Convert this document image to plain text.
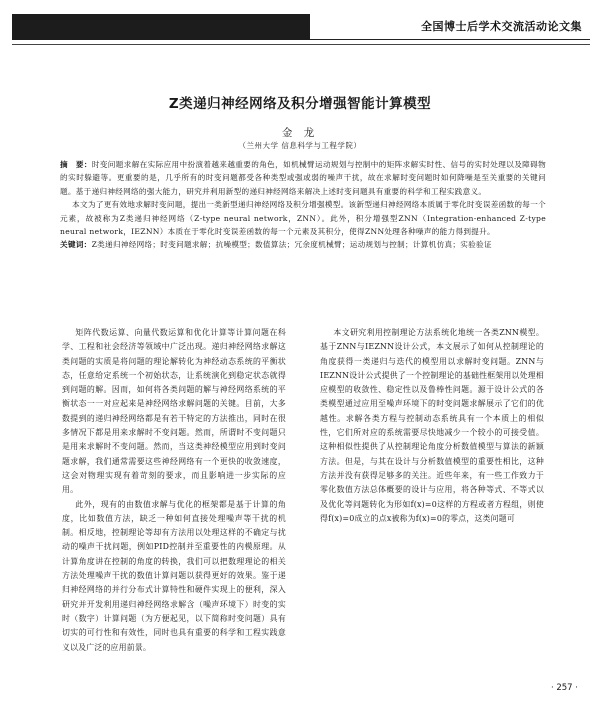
全国博士后学术交流活动论文集
Z类递归神经网络及积分增强智能计算模型
金 龙
（兰州大学 信息科学与工程学院）

摘　要：时变问题求解在实际应用中扮演着越来越重要的角色，如机械臂运动规划与控制中的矩阵求解实时性、信号的实时处理以及障碍物的实时躲避等。更重要的是，几乎所有的时变问题都受各种类型或强或弱的噪声干扰，故在求解时变问题时如何降噪是至关重要的关键问题。基于递归神经网络的强大能力，研究并利用新型的递归神经网络来解决上述时变问题具有重要的科学和工程实践意义。

本文为了更有效地求解时变问题，提出一类新型递归神经网络及积分增强模型。该新型递归神经网络本质属于零化时变误差函数的每一个元素，故被称为Z类递归神经网络（Z-type neural network，ZNN）。此外，积分增强型ZNN（Integration-enhanced Z-type neural network，IEZNN）本质在于零化时变误差函数的每一个元素及其积分，使得ZNN处理各种噪声的能力得到提升。

关键词：Z类递归神经网络；时变问题求解；抗噪模型；数值算法；冗余度机械臂；运动规划与控制；计算机仿真；实验验证

矩阵代数运算、向量代数运算和优化计算等计算问题在科学、工程和社会经济等领域中广泛出现。递归神经网络求解这类问题的实质是将问题的理论解转化为神经动态系统的平衡状态，任意给定系统一个初始状态，让系统演化到稳定状态就得到问题的解。因而，如何将各类问题的解与神经网络系统的平衡状态一一对应起来是神经网络求解问题的关键。目前，大多数提到的递归神经网络都是有若干特定的方法推出，同时在很多情况下都是用来求解时不变问题。然而，所谓时不变问题只是用来求解时不变问题。然而，当这类神经模型应用到时变问题求解，我们通常需要这些神经网络有一个更快的收敛速度，这会对物理实现有着苛刻的要求，而且影响进一步实际的应用。

此外，现有的由数值求解与优化的框架都是基于计算的角度，比如数值方法，缺乏一种如何直接处理噪声等干扰的机制。相反地，控制理论等却有方法用以处理这样的不确定与扰动的噪声干扰问题，例如PID控制并至重要性的内模原理。从计算角度讲在控制的角度的转换，我们可以把数理理论的相关方法处理噪声干扰的数值计算问题以获得更好的效果。鉴于递归神经网络的并行分布式计算特性和硬件实现上的便利，深入研究并开发利用递归神经网络求解含（噪声环境下）时变的实时（数字）计算问题（为方便起见，以下简称时变问题）具有切实的可行性和有效性，同时也具有重要的科学和工程实践意义以及广泛的应用前景。

本文研究利用控制理论方法系统化地统一各类ZNN模型。基于ZNN与IEZNN设计公式，本文展示了如何从控制理论的角度获得一类递归与迭代的模型用以求解时变问题。ZNN与IEZNN设计公式提供了一个控制理论的基础性框架用以处理相应模型的收敛性、稳定性以及鲁棒性问题。源于设计公式的各类模型通过应用至噪声环境下的时变问题求解展示了它们的优越性。求解各类方程与控制动态系统具有一个本质上的相似性，它们所对应的系统需要尽快地减少一个较小的可接受值。这种相似性提供了从控制理论角度分析数值模型与算法的新颖方法。但是，与其在设计与分析数值模型的重要性相比，这种方法并没有获得足够多的关注。近些年来，有一些工作致力于零化数值方法总体概要的设计与应用，将各种等式、不等式以及优化等问题转化为形如f(x)=0这样的方程或者方程组，则使得f(x)=0成立的点x被称为f(x)=0的零点，这类问题可

· 257 ·
